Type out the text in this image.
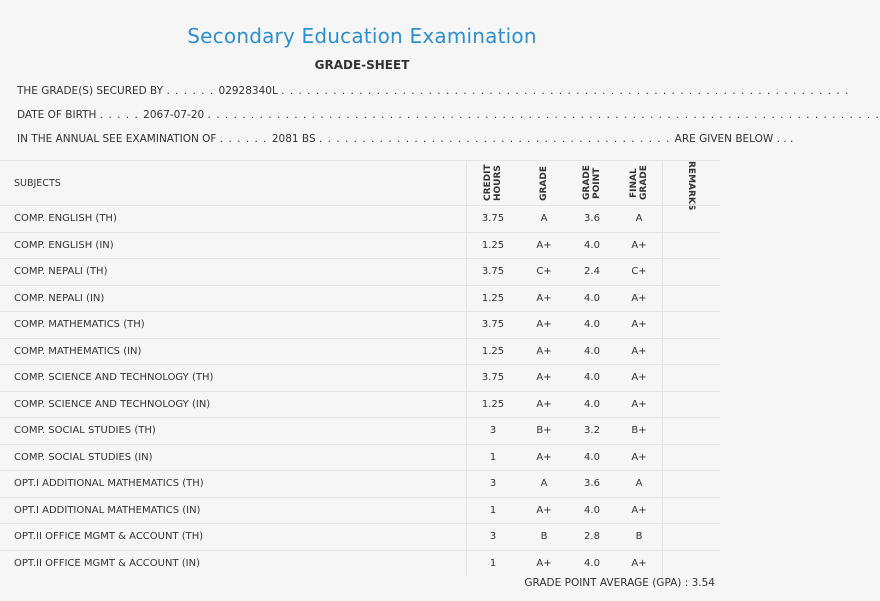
Secondary Education Examination
GRADE-SHEET
THE GRADE(S) SECURED BY . . . . . . 02928340L . . . . . . . . . . . . . . . . . . . . . . . . . . . . . . . . . . . . . . . . . . . . . . . . . . . . . . . . . . . . . . . . . .
DATE OF BIRTH . . . . . 2067-07-20 . . . . . . . . . . . . . . . . . . . . . . . . . . . . . . . . . . . . . . . . . . . . . . . . . . . . . . . . . . . . . . . . . . . . . . . . . . . . . .
IN THE ANNUAL SEE EXAMINATION OF . . . . . . 2081 BS . . . . . . . . . . . . . . . . . . . . . . . . . . . . . . . . . . . . . . . . . ARE GIVEN BELOW . . .
SUBJECTS	CREDIT HOURS	GRADE	GRADE POINT	FINAL GRADE	REMARKS
COMP. ENGLISH (TH)	3.75	A	3.6	A
COMP. ENGLISH (IN)	1.25	A+	4.0	A+
COMP. NEPALI (TH)	3.75	C+	2.4	C+
COMP. NEPALI (IN)	1.25	A+	4.0	A+
COMP. MATHEMATICS (TH)	3.75	A+	4.0	A+
COMP. MATHEMATICS (IN)	1.25	A+	4.0	A+
COMP. SCIENCE AND TECHNOLOGY (TH)	3.75	A+	4.0	A+
COMP. SCIENCE AND TECHNOLOGY (IN)	1.25	A+	4.0	A+
COMP. SOCIAL STUDIES (TH)	3	B+	3.2	B+
COMP. SOCIAL STUDIES (IN)	1	A+	4.0	A+
OPT.I ADDITIONAL MATHEMATICS (TH)	3	A	3.6	A
OPT.I ADDITIONAL MATHEMATICS (IN)	1	A+	4.0	A+
OPT.II OFFICE MGMT & ACCOUNT (TH)	3	B	2.8	B
OPT.II OFFICE MGMT & ACCOUNT (IN)	1	A+	4.0	A+
GRADE POINT AVERAGE (GPA) : 3.54
